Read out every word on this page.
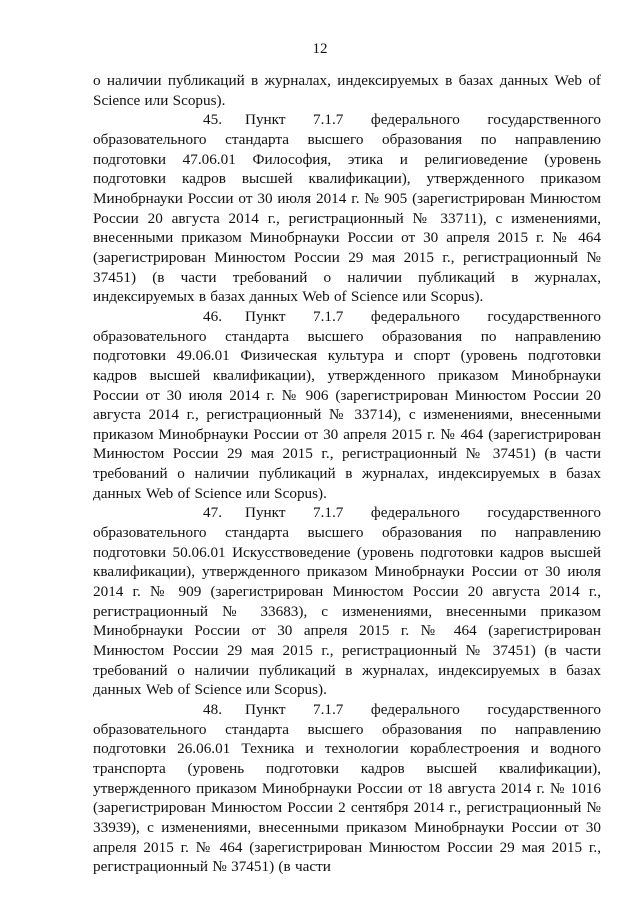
12

о наличии публикаций в журналах, индексируемых в базах данных Web of Science или Scopus).

45. Пункт 7.1.7 федерального государственного образовательного стандарта высшего образования по направлению подготовки 47.06.01 Философия, этика и религиоведение (уровень подготовки кадров высшей квалификации), утвержденного приказом Минобрнауки России от 30 июля 2014 г. № 905 (зарегистрирован Минюстом России 20 августа 2014 г., регистрационный № 33711), с изменениями, внесенными приказом Минобрнауки России от 30 апреля 2015 г. № 464 (зарегистрирован Минюстом России 29 мая 2015 г., регистрационный № 37451) (в части требований о наличии публикаций в журналах, индексируемых в базах данных Web of Science или Scopus).

46. Пункт 7.1.7 федерального государственного образовательного стандарта высшего образования по направлению подготовки 49.06.01 Физическая культура и спорт (уровень подготовки кадров высшей квалификации), утвержденного приказом Минобрнауки России от 30 июля 2014 г. № 906 (зарегистрирован Минюстом России 20 августа 2014 г., регистрационный № 33714), с изменениями, внесенными приказом Минобрнауки России от 30 апреля 2015 г. № 464 (зарегистрирован Минюстом России 29 мая 2015 г., регистрационный № 37451) (в части требований о наличии публикаций в журналах, индексируемых в базах данных Web of Science или Scopus).

47. Пункт 7.1.7 федерального государственного образовательного стандарта высшего образования по направлению подготовки 50.06.01 Искусствоведение (уровень подготовки кадров высшей квалификации), утвержденного приказом Минобрнауки России от 30 июля 2014 г. № 909 (зарегистрирован Минюстом России 20 августа 2014 г., регистрационный № 33683), с изменениями, внесенными приказом Минобрнауки России от 30 апреля 2015 г. № 464 (зарегистрирован Минюстом России 29 мая 2015 г., регистрационный № 37451) (в части требований о наличии публикаций в журналах, индексируемых в базах данных Web of Science или Scopus).

48. Пункт 7.1.7 федерального государственного образовательного стандарта высшего образования по направлению подготовки 26.06.01 Техника и технологии кораблестроения и водного транспорта (уровень подготовки кадров высшей квалификации), утвержденного приказом Минобрнауки России от 18 августа 2014 г. № 1016 (зарегистрирован Минюстом России 2 сентября 2014 г., регистрационный № 33939), с изменениями, внесенными приказом Минобрнауки России от 30 апреля 2015 г. № 464 (зарегистрирован Минюстом России 29 мая 2015 г., регистрационный № 37451) (в части
